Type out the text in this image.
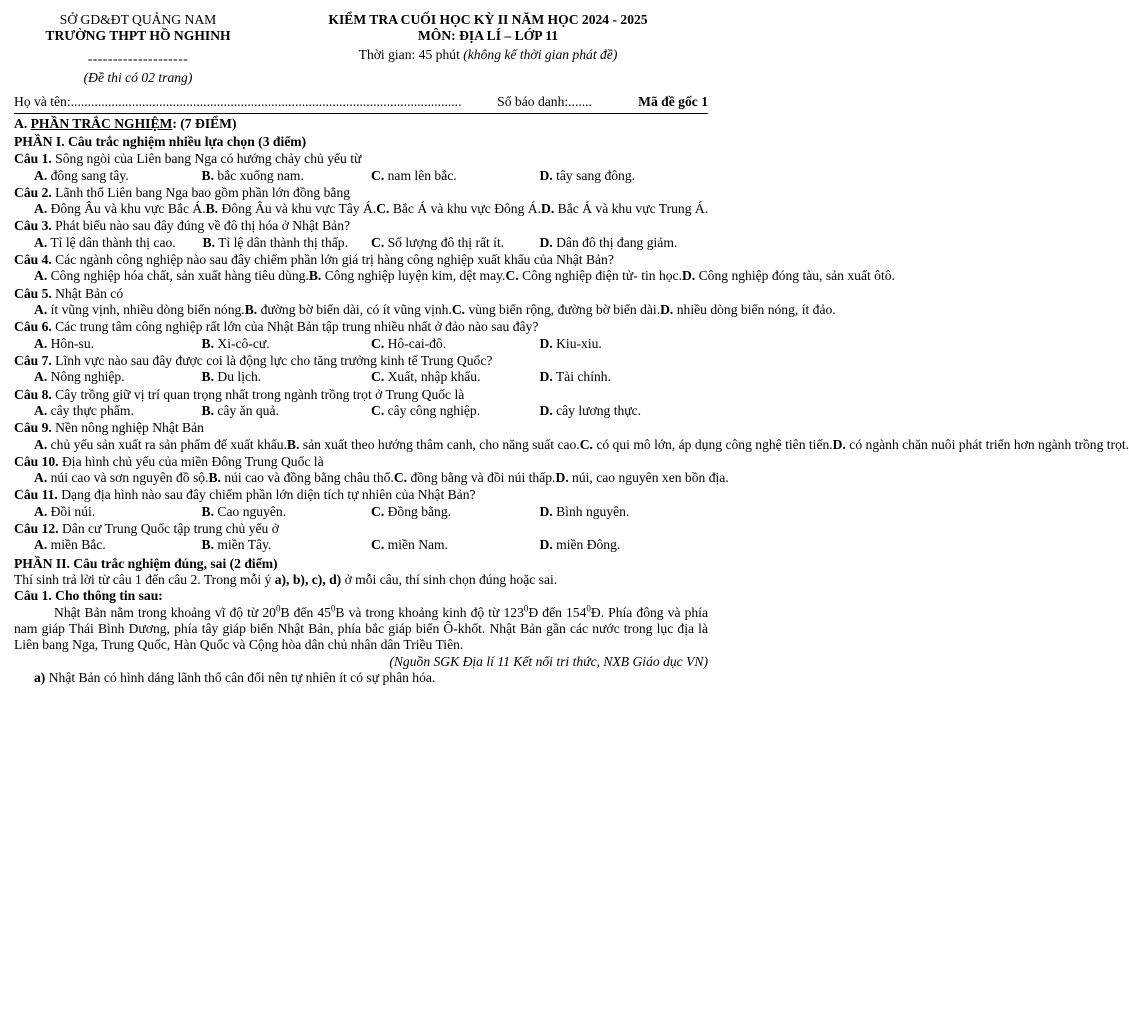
SỞ GD&ĐT QUẢNG NAM
TRƯỜNG THPT HỒ NGHINH
--------------------
(Đề thi có 02 trang)
KIỂM TRA CUỐI HỌC KỲ II NĂM HỌC 2024 - 2025
MÔN: ĐỊA LÍ – LỚP 11
Thời gian: 45 phút (không kể thời gian phát đề)
Họ và tên: ...................................................................................................................	Số báo danh: .......	Mã đề gốc 1
A. PHẦN TRẮC NGHIỆM: (7 ĐIỂM)
PHẦN I. Câu trắc nghiệm nhiều lựa chọn (3 điểm)
Câu 1. Sông ngòi của Liên bang Nga có hướng chảy chủ yếu từ
A. đông sang tây.	B. bắc xuống nam.	C. nam lên bắc.	D. tây sang đông.
Câu 2. Lãnh thổ Liên bang Nga bao gồm phần lớn đồng bằng
A. Đông Âu và khu vực Bắc Á. B. Đông Âu và khu vực Tây Á. C. Bắc Á và khu vực Đông Á. D. Bắc Á và khu vực Trung Á.
Câu 3. Phát biểu nào sau đây đúng về đô thị hóa ở Nhật Bản?
A. Tỉ lệ dân thành thị cao.	B. Tỉ lệ dân thành thị thấp.	C. Số lượng đô thị rất ít.	D. Dân đô thị đang giảm.
Câu 4. Các ngành công nghiệp nào sau đây chiếm phần lớn giá trị hàng công nghiệp xuất khẩu của Nhật Bản?
A. Công nghiệp hóa chất, sản xuất hàng tiêu dùng. B. Công nghiệp luyện kim, dệt may. C. Công nghiệp điện tử- tin học. D. Công nghiệp đóng tàu, sản xuất ôtô.
Câu 5. Nhật Bản có
A. ít vũng vịnh, nhiều dòng biển nóng. B. đường bờ biển dài, có ít vũng vịnh. C. vùng biển rộng, đường bờ biển dài. D. nhiều dòng biển nóng, ít đảo.
Câu 6. Các trung tâm công nghiệp rất lớn của Nhật Bản tập trung nhiều nhất ở đảo nào sau đây?
A. Hôn-su.	B. Xi-cô-cư.	C. Hô-cai-đô.	D. Kiu-xiu.
Câu 7. Lĩnh vực nào sau đây được coi là động lực cho tăng trưởng kinh tế Trung Quốc?
A. Nông nghiệp.	B. Du lịch.	C. Xuất, nhập khẩu.	D. Tài chính.
Câu 8. Cây trồng giữ vị trí quan trọng nhất trong ngành trồng trọt ở Trung Quốc là
A. cây thực phẩm.	B. cây ăn quả.	C. cây công nghiệp.	D. cây lương thực.
Câu 9. Nền nông nghiệp Nhật Bản
A. chủ yếu sản xuất ra sản phẩm để xuất khẩu. B. sản xuất theo hướng thâm canh, cho năng suất cao. C. có qui mô lớn, áp dụng công nghệ tiên tiến. D. có ngành chăn nuôi phát triển hơn ngành trồng trọt.
Câu 10. Địa hình chủ yếu của miền Đông Trung Quốc là
A. núi cao và sơn nguyên đồ sộ. B. núi cao và đồng bằng châu thổ. C. đồng bằng và đồi núi thấp. D. núi, cao nguyên xen bồn địa.
Câu 11. Dạng địa hình nào sau đây chiếm phần lớn diện tích tự nhiên của Nhật Bản?
A. Đồi núi.	B. Cao nguyên.	C. Đồng bằng.	D. Bình nguyên.
Câu 12. Dân cư Trung Quốc tập trung chủ yếu ở
A. miền Bắc.	B. miền Tây.	C. miền Nam.	D. miền Đông.
PHẦN II. Câu trắc nghiệm đúng, sai (2 điểm)
Thí sinh trả lời từ câu 1 đến câu 2. Trong mỗi ý a), b), c), d) ở mỗi câu, thí sinh chọn đúng hoặc sai.
Câu 1. Cho thông tin sau:
Nhật Bản nằm trong khoảng vĩ độ từ $20^0B$ đến $45^0B$ và trong khoảng kinh độ từ $123^0Đ$ đến $154^0Đ$. Phía đông và phía nam giáp Thái Bình Dương, phía tây giáp biển Nhật Bản, phía bắc giáp biển Ô-khốt. Nhật Bản gần các nước trong lục địa là Liên bang Nga, Trung Quốc, Hàn Quốc và Cộng hòa dân chủ nhân dân Triều Tiên.
(Nguồn SGK Địa lí 11 Kết nối tri thức, NXB Giáo dục VN)
a) Nhật Bản có hình dáng lãnh thổ cân đối nên tự nhiên ít có sự phân hóa.
